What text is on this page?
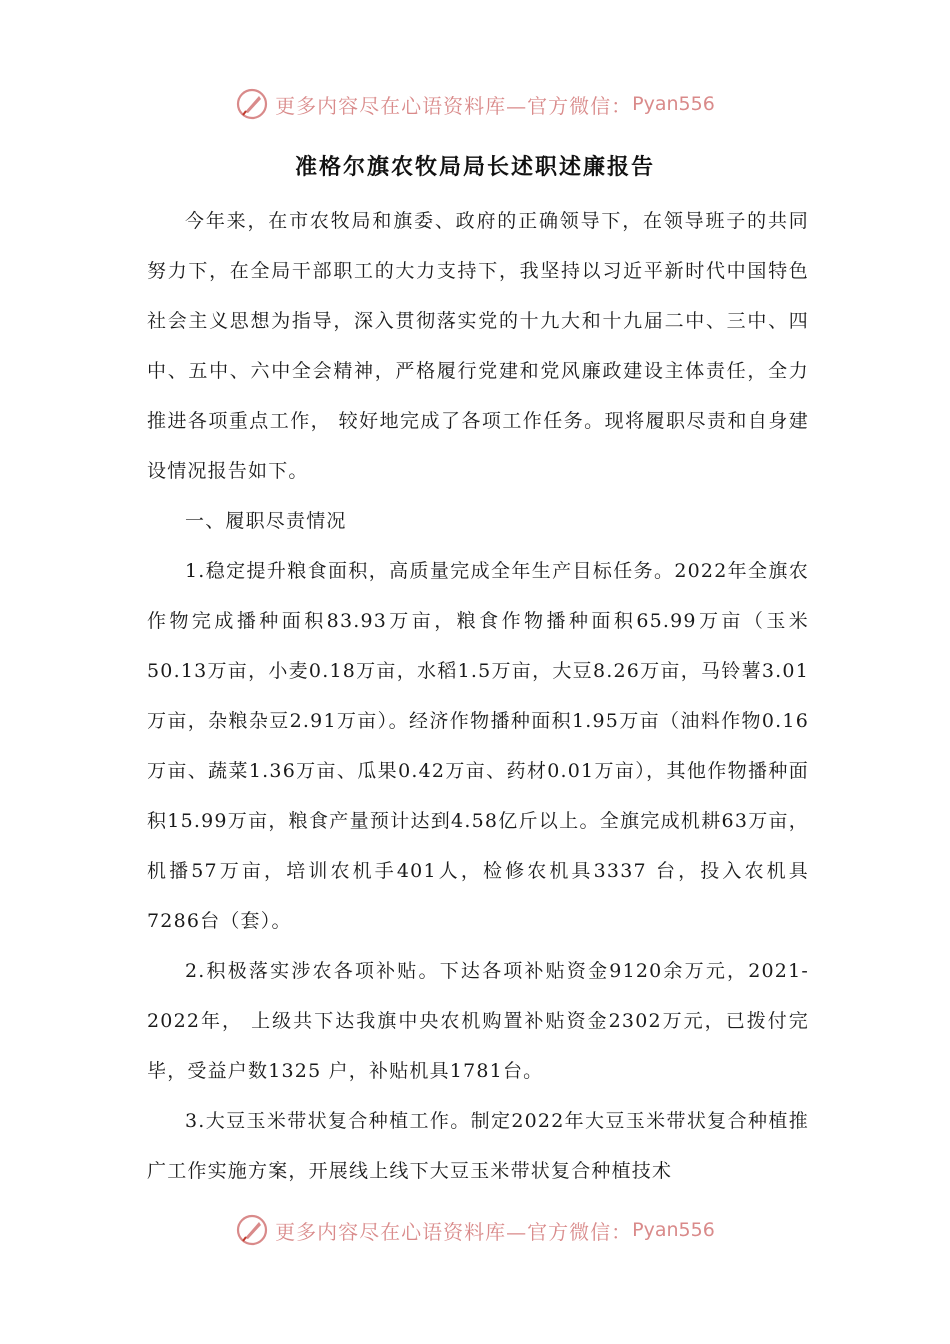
更多内容尽在心语资料库—官方微信： Pyan556
准格尔旗农牧局局长述职述廉报告

今年来，在市农牧局和旗委、政府的正确领导下，在领导班子的共同努力下，在全局干部职工的大力支持下，我坚持以习近平新时代中国特色社会主义思想为指导，深入贯彻落实党的十九大和十九届二中、三中、四中、五中、六中全会精神，严格履行党建和党风廉政建设主体责任，全力推进各项重点工作， 较好地完成了各项工作任务。现将履职尽责和自身建设情况报告如下。

一、履职尽责情况

1.稳定提升粮食面积，高质量完成全年生产目标任务。2022年全旗农作物完成播种面积83.93万亩，粮食作物播种面积65.99万亩（玉米50.13万亩，小麦0.18万亩，水稻1.5万亩，大豆8.26万亩，马铃薯3.01万亩，杂粮杂豆2.91万亩）。经济作物播种面积1.95万亩（油料作物0.16万亩、蔬菜1.36万亩、瓜果0.42万亩、药材0.01万亩），其他作物播种面积15.99万亩，粮食产量预计达到4.58亿斤以上。全旗完成机耕63万亩，机播57万亩，培训农机手401人，检修农机具3337 台，投入农机具7286台（套）。

2.积极落实涉农各项补贴。下达各项补贴资金9120余万元，2021-2022年， 上级共下达我旗中央农机购置补贴资金2302万元，已拨付完毕，受益户数1325 户，补贴机具1781台。

3.大豆玉米带状复合种植工作。制定2022年大豆玉米带状复合种植推广工作实施方案，开展线上线下大豆玉米带状复合种植技术

更多内容尽在心语资料库—官方微信： Pyan556
